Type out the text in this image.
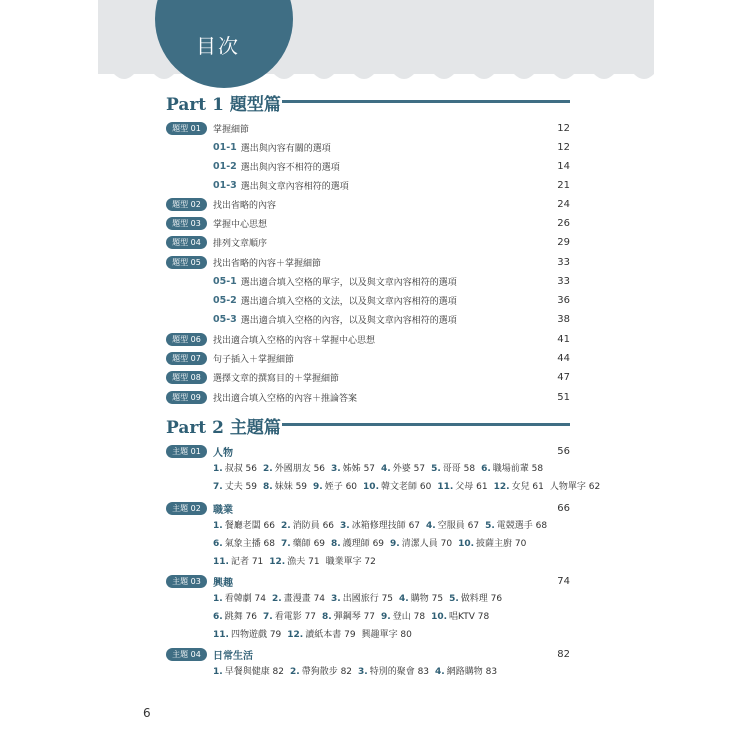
目次
Part 1 題型篇
題型 01	掌握細節	12
01-1 選出與內容有關的選項	12
01-2 選出與內容不相符的選項	14
01-3 選出與文章內容相符的選項	21
題型 02	找出省略的內容	24
題型 03	掌握中心思想	26
題型 04	排列文章順序	29
題型 05	找出省略的內容＋掌握細節	33
05-1 選出適合填入空格的單字，以及與文章內容相符的選項	33
05-2 選出適合填入空格的文法，以及與文章內容相符的選項	36
05-3 選出適合填入空格的內容，以及與文章內容相符的選項	38
題型 06	找出適合填入空格的內容＋掌握中心思想	41
題型 07	句子插入＋掌握細節	44
題型 08	選擇文章的撰寫目的＋掌握細節	47
題型 09	找出適合填入空格的內容＋推論答案	51
Part 2 主題篇
主題 01	人物	56
1. 叔叔 56 2. 外國朋友 56 3. 姊姊 57 4. 外婆 57 5. 哥哥 58 6. 職場前輩 58
7. 丈夫 59 8. 妹妹 59 9. 姪子 60 10. 韓文老師 60 11. 父母 61 12. 女兒 61 人物單字 62
主題 02	職業	66
1. 餐廳老闆 66 2. 消防員 66 3. 冰箱修理技師 67 4. 空服員 67 5. 電競選手 68
6. 氣象主播 68 7. 藥師 69 8. 護理師 69 9. 清潔人員 70 10. 披薩主廚 70
11. 記者 71 12. 漁夫 71 職業單字 72
主題 03	興趣	74
1. 看韓劇 74 2. 畫漫畫 74 3. 出國旅行 75 4. 購物 75 5. 做料理 76
6. 跳舞 76 7. 看電影 77 8. 彈鋼琴 77 9. 登山 78 10. 唱KTV 78
11. 四物遊戲 79 12. 讀紙本書 79 興趣單字 80
主題 04	日常生活	82
1. 早餐與健康 82 2. 帶狗散步 82 3. 特別的聚會 83 4. 網路購物 83
6
